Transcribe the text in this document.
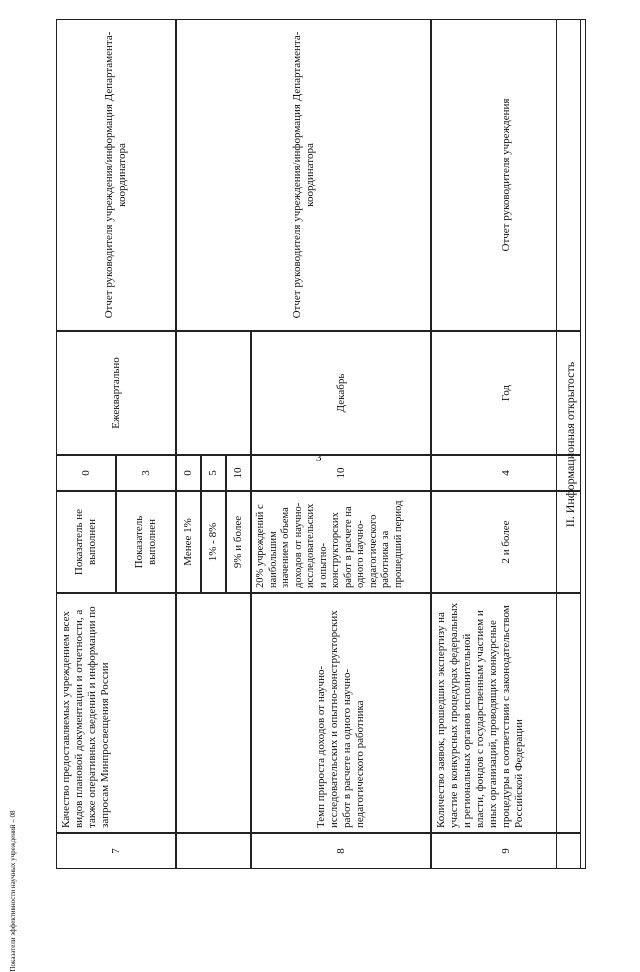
3
7
Качество предоставляемых учреждением всех видов плановой документации и отчетности, а также оперативных сведений и информации по запросам Минпросвещения России
Показатель не выполнен
0
Показатель выполнен
3
Ежеквартально
Отчет руководителя учреждения/информация Департамента-координатора
Менее 1%
0
1% - 8%
5
9% и более
10
8
Темп прироста доходов от научно-исследовательских и опытно-конструкторских работ в расчете на одного научно-педагогического работника
20% учреждений с наибольшим значением объема доходов от научно-исследовательских и опытно-конструкторских работ в расчете на одного научно-педагогического работника за прошедший период
10
Декабрь
Отчет руководителя учреждения/информация Департамента-координатора
9
Количество заявок, прошедших экспертизу на участие в конкурсных процедурах федеральных и региональных органов исполнительной власти, фондов с государственным участием и иных организаций, проводящих конкурсные процедуры в соответствии с законодательством Российской Федерации
2 и более
4
Год
Отчет руководителя учреждения
II. Информационная открытость
Показатели эффективности научных учреждений – 08
